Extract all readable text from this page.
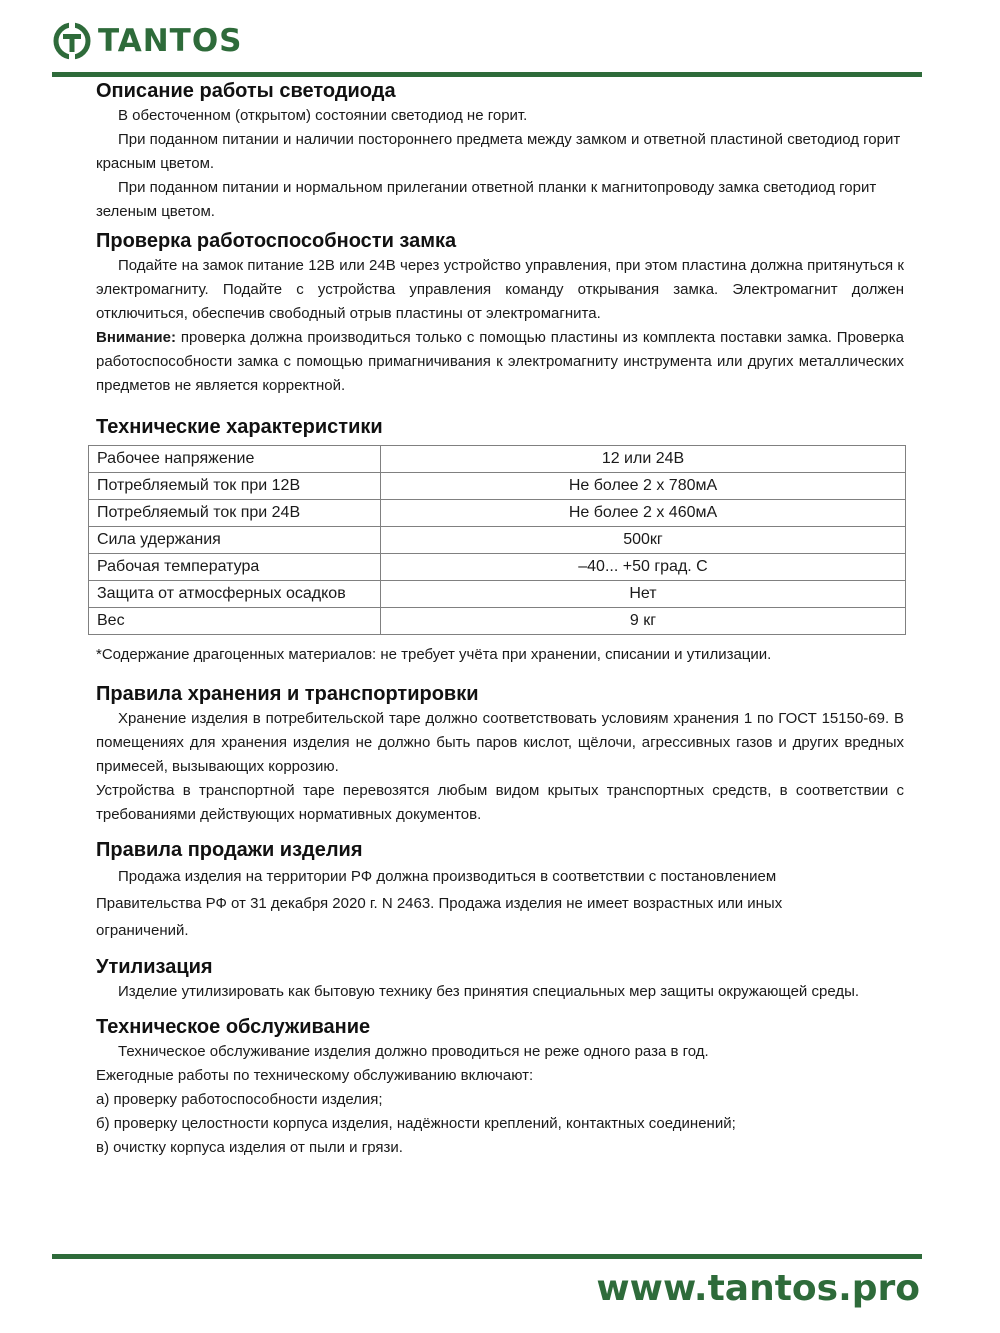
TANTOS
Описание работы светодиода

В обесточенном (открытом) состоянии светодиод не горит.

При поданном питании и наличии постороннего предмета между замком и ответной пластиной светодиод горит красным цветом.

При поданном питании и нормальном прилегании ответной планки к магнитопроводу замка светодиод горит зеленым цветом.

Проверка работоспособности замка

Подайте на замок питание 12В или 24В через устройство управления, при этом пластина должна притянуться к электромагниту. Подайте с устройства управления команду открывания замка. Электромагнит должен отключиться, обеспечив свободный отрыв пластины от электромагнита.

Внимание: проверка должна производиться только с помощью пластины из комплекта поставки замка. Проверка работоспособности замка с помощью примагничивания к электромагниту инструмента или других металлических предметов не является корректной.

Технические характеристики
Рабочее напряжение	12 или 24В
Потребляемый ток при 12В	Не более 2 х 780мА
Потребляемый ток при 24В	Не более 2 х 460мА
Сила удержания	500кг
Рабочая температура	–40... +50 град. С
Защита от атмосферных осадков	Нет
Вес	9 кг

*Содержание драгоценных материалов: не требует учёта при хранении, списании и утилизации.

Правила хранения и транспортировки

Хранение изделия в потребительской таре должно соответствовать условиям хранения 1 по ГОСТ 15150-69. В помещениях для хранения изделия не должно быть паров кислот, щёлочи, агрессивных газов и других вредных примесей, вызывающих коррозию.

Устройства в транспортной таре перевозятся любым видом крытых транспортных средств, в соответствии с требованиями действующих нормативных документов.

Правила продажи изделия

Продажа изделия на территории РФ должна производиться в соответствии с постановлением

Правительства РФ от 31 декабря 2020 г. N 2463. Продажа изделия не имеет возрастных или иных

ограничений.

Утилизация

Изделие утилизировать как бытовую технику без принятия специальных мер защиты окружающей среды.

Техническое обслуживание

Техническое обслуживание изделия должно проводиться не реже одного раза в год.

Ежегодные работы по техническому обслуживанию включают:

а) проверку работоспособности изделия;

б) проверку целостности корпуса изделия, надёжности креплений, контактных соединений;

в) очистку корпуса изделия от пыли и грязи.

www.tantos.pro
